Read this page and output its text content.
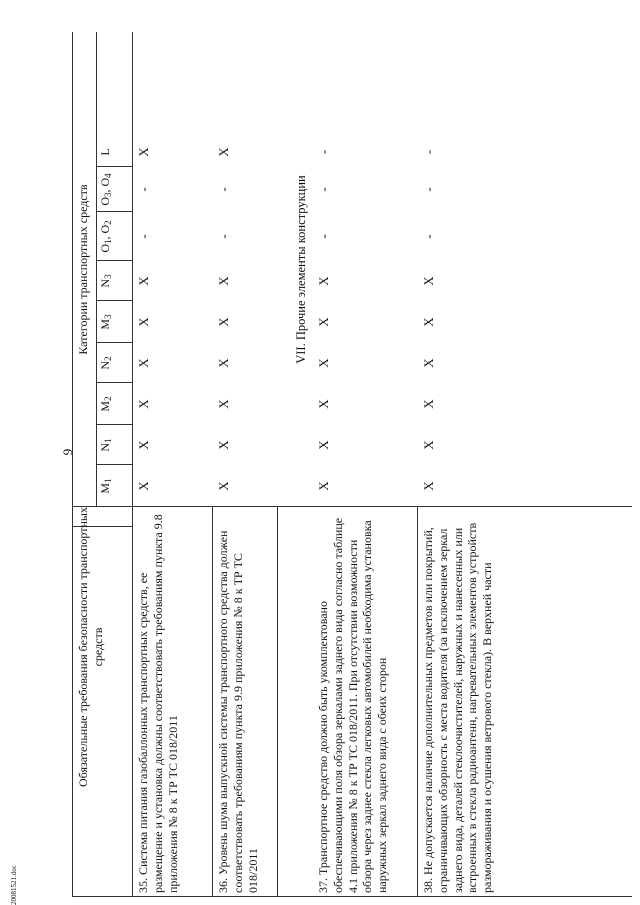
9
20081521.doc
Обязательные требования безопасности транспортных средств
Категории транспортных средств
$M_1$
$N_1$
$M_2$
$N_2$
$M_3$
$N_3$
$O_1$, $O_2$
$O_3$, $O_4$
L
VII. Прочие элементы конструкции
35. Система питания газобаллонных транспортных средств, ее размещение и установка должны соответствовать требованиям пункта 9.8 приложения № 8 к ТР ТС 018/2011
X
X
X
X
X
X
-
-
X
36. Уровень шума выпускной системы транспортного средства должен соответствовать требованиям пункта 9.9 приложения № 8 к ТР ТС 018/2011
X
X
X
X
X
X
-
-
X
37. Транспортное средство должно быть укомплектовано обеспечивающими поля обзора зеркалами заднего вида согласно таблице 4.1 приложения № 8 к ТР ТС 018/2011. При отсутствии возможности обзора через заднее стекла легковых автомобилей необходима установка наружных зеркал заднего вида с обеих сторон
X
X
X
X
X
X
-
-
-
38. Не допускается наличие дополнительных предметов или покрытий, ограничивающих обзорность с места водителя (за исключением зеркал заднего вида, деталей стеклоочистителей, наружных и нанесенных или встроенных в стекла радиоантенн, нагревательных элементов устройств размораживания и осушения ветрового стекла). В верхней части
X
X
X
X
X
X
-
-
-
